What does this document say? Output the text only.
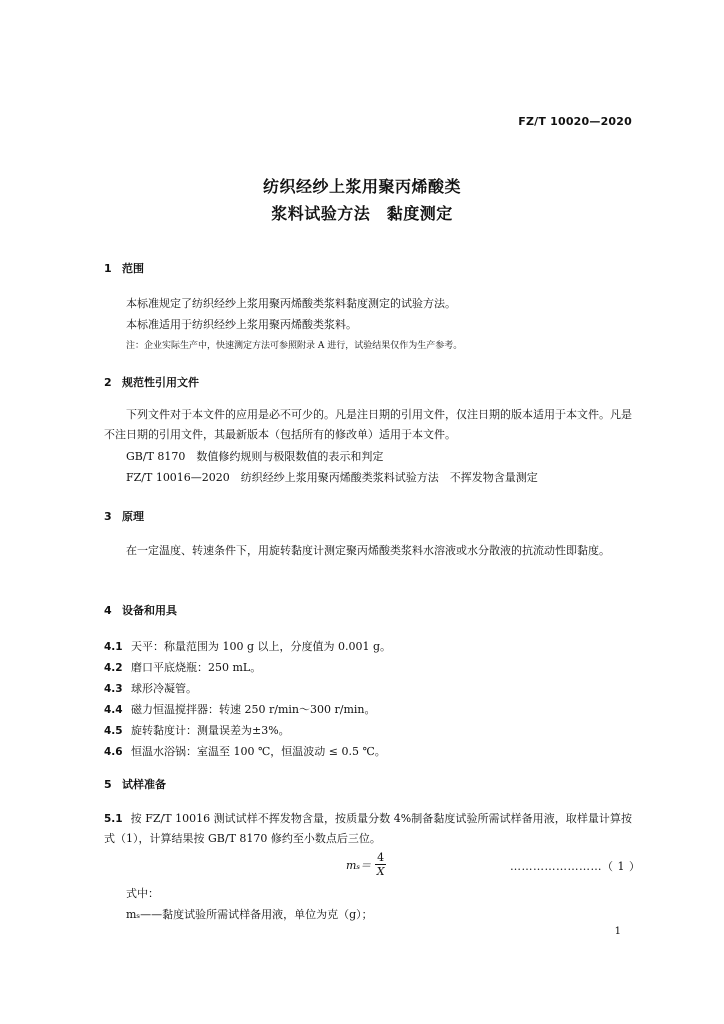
FZ/T 10020—2020
纺织经纱上浆用聚丙烯酸类
浆料试验方法　黏度测定
1 范围
本标准规定了纺织经纱上浆用聚丙烯酸类浆料黏度测定的试验方法。
本标准适用于纺织经纱上浆用聚丙烯酸类浆料。
注：企业实际生产中，快速测定方法可参照附录 A 进行，试验结果仅作为生产参考。
2 规范性引用文件
下列文件对于本文件的应用是必不可少的。凡是注日期的引用文件，仅注日期的版本适用于本文件。凡是不注日期的引用文件，其最新版本（包括所有的修改单）适用于本文件。
GB/T 8170　数值修约规则与极限数值的表示和判定
FZ/T 10016—2020　纺织经纱上浆用聚丙烯酸类浆料试验方法　不挥发物含量测定
3 原理
在一定温度、转速条件下，用旋转黏度计测定聚丙烯酸类浆料水溶液或水分散液的抗流动性即黏度。
4 设备和用具
4.1 天平：称量范围为 100 g 以上，分度值为 0.001 g。
4.2 磨口平底烧瓶：250 mL。
4.3 球形冷凝管。
4.4 磁力恒温搅拌器：转速 250 r/min～300 r/min。
4.5 旋转黏度计：测量误差为±3%。
4.6 恒温水浴锅：室温至 100 ℃，恒温波动 ≤ 0.5 ℃。
5 试样准备
5.1 按 FZ/T 10016 测试试样不挥发物含量，按质量分数 4%制备黏度试验所需试样备用液，取样量计算按式（1），计算结果按 GB/T 8170 修约至小数点后三位。
$m_s= \frac{4}{X}$	……………………（ 1 ）
式中：
mₛ——黏度试验所需试样备用液，单位为克（g）；
1
